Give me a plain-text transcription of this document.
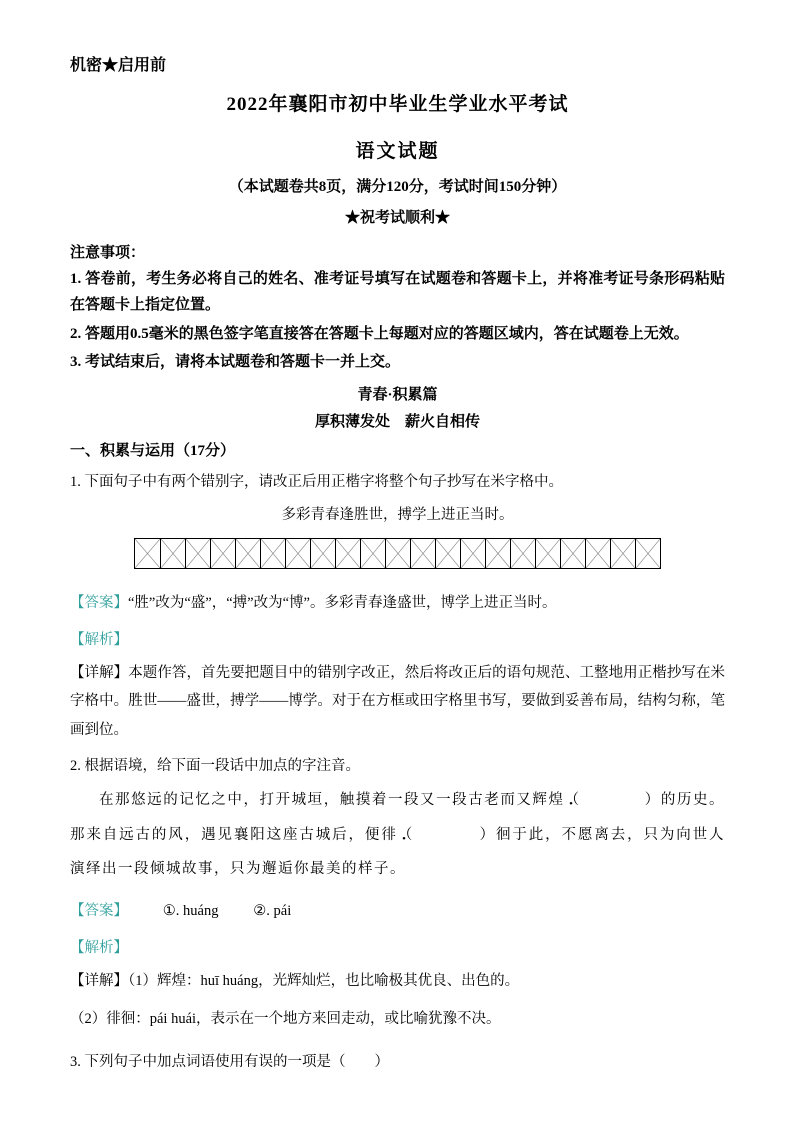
机密★启用前
2022年襄阳市初中毕业生学业水平考试
语文试题
（本试题卷共8页，满分120分，考试时间150分钟）
★祝考试顺利★
注意事项：
1. 答卷前，考生务必将自己的姓名、准考证号填写在试题卷和答题卡上，并将准考证号条形码粘贴在答题卡上指定位置。
2. 答题用0.5毫米的黑色签字笔直接答在答题卡上每题对应的答题区域内，答在试题卷上无效。
3. 考试结束后，请将本试题卷和答题卡一并上交。
青春·积累篇
厚积薄发处　薪火自相传
一、积累与运用（17分）
1. 下面句子中有两个错别字，请改正后用正楷字将整个句子抄写在米字格中。
多彩青春逢胜世，搏学上进正当时。

【答案】“胜”改为“盛”，“搏”改为“博”。多彩青春逢盛世，博学上进正当时。

【解析】

【详解】本题作答，首先要把题目中的错别字改正，然后将改正后的语句规范、工整地用正楷抄写在米字格中。胜世——盛世，搏学——博学。对于在方框或田字格里书写，要做到妥善布局，结构匀称，笔画到位。

2. 根据语境，给下面一段话中加点的字注音。

在那悠远的记忆之中，打开城垣，触摸着一段又一段古老而又辉煌（　　　　）的历史。那来自远古的风，遇见襄阳这座古城后，便徘（　　　　）徊于此，不愿离去，只为向世人演绎出一段倾城故事，只为邂逅你最美的样子。

【答案】 ①. huáng ②. pái

【解析】

【详解】（1）辉煌：huī huáng，光辉灿烂，也比喻极其优良、出色的。

（2）徘徊：pái huái，表示在一个地方来回走动，或比喻犹豫不决。

3. 下列句子中加点词语使用有误的一项是（　　）
